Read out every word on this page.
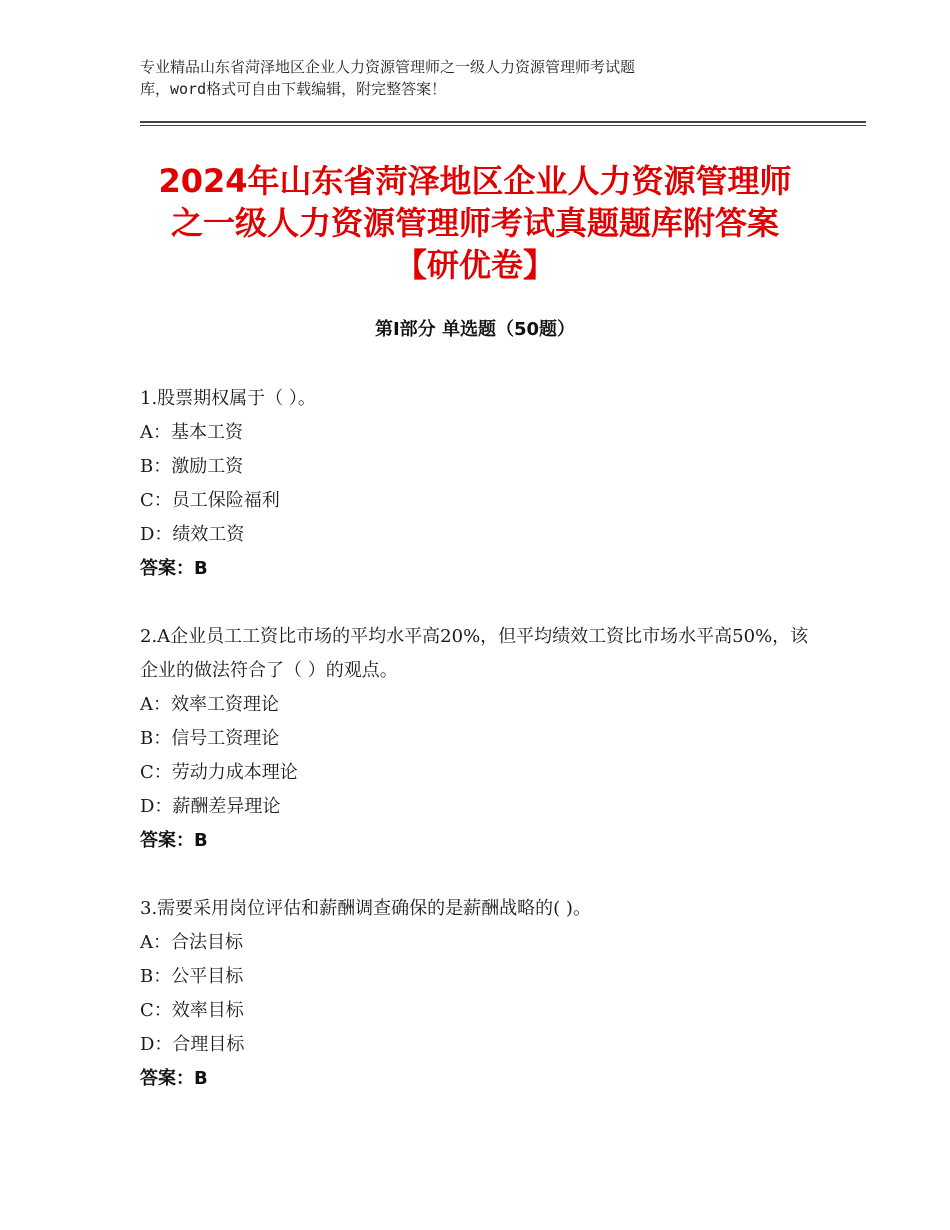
专业精品山东省菏泽地区企业人力资源管理师之一级人力资源管理师考试题
库，word格式可自由下载编辑，附完整答案！
2024年山东省菏泽地区企业人力资源管理师
之一级人力资源管理师考试真题题库附答案
【研优卷】
第Ⅰ部分 单选题（50题）
1.股票期权属于（ ）。
A：基本工资
B：激励工资
C：员工保险福利
D：绩效工资
答案：B
2.A企业员工工资比市场的平均水平高20%，但平均绩效工资比市场水平高50%，该企业的做法符合了（ ）的观点。
A：效率工资理论
B：信号工资理论
C：劳动力成本理论
D：薪酬差异理论
答案：B
3.需要采用岗位评估和薪酬调查确保的是薪酬战略的( )。
A：合法目标
B：公平目标
C：效率目标
D：合理目标
答案：B
